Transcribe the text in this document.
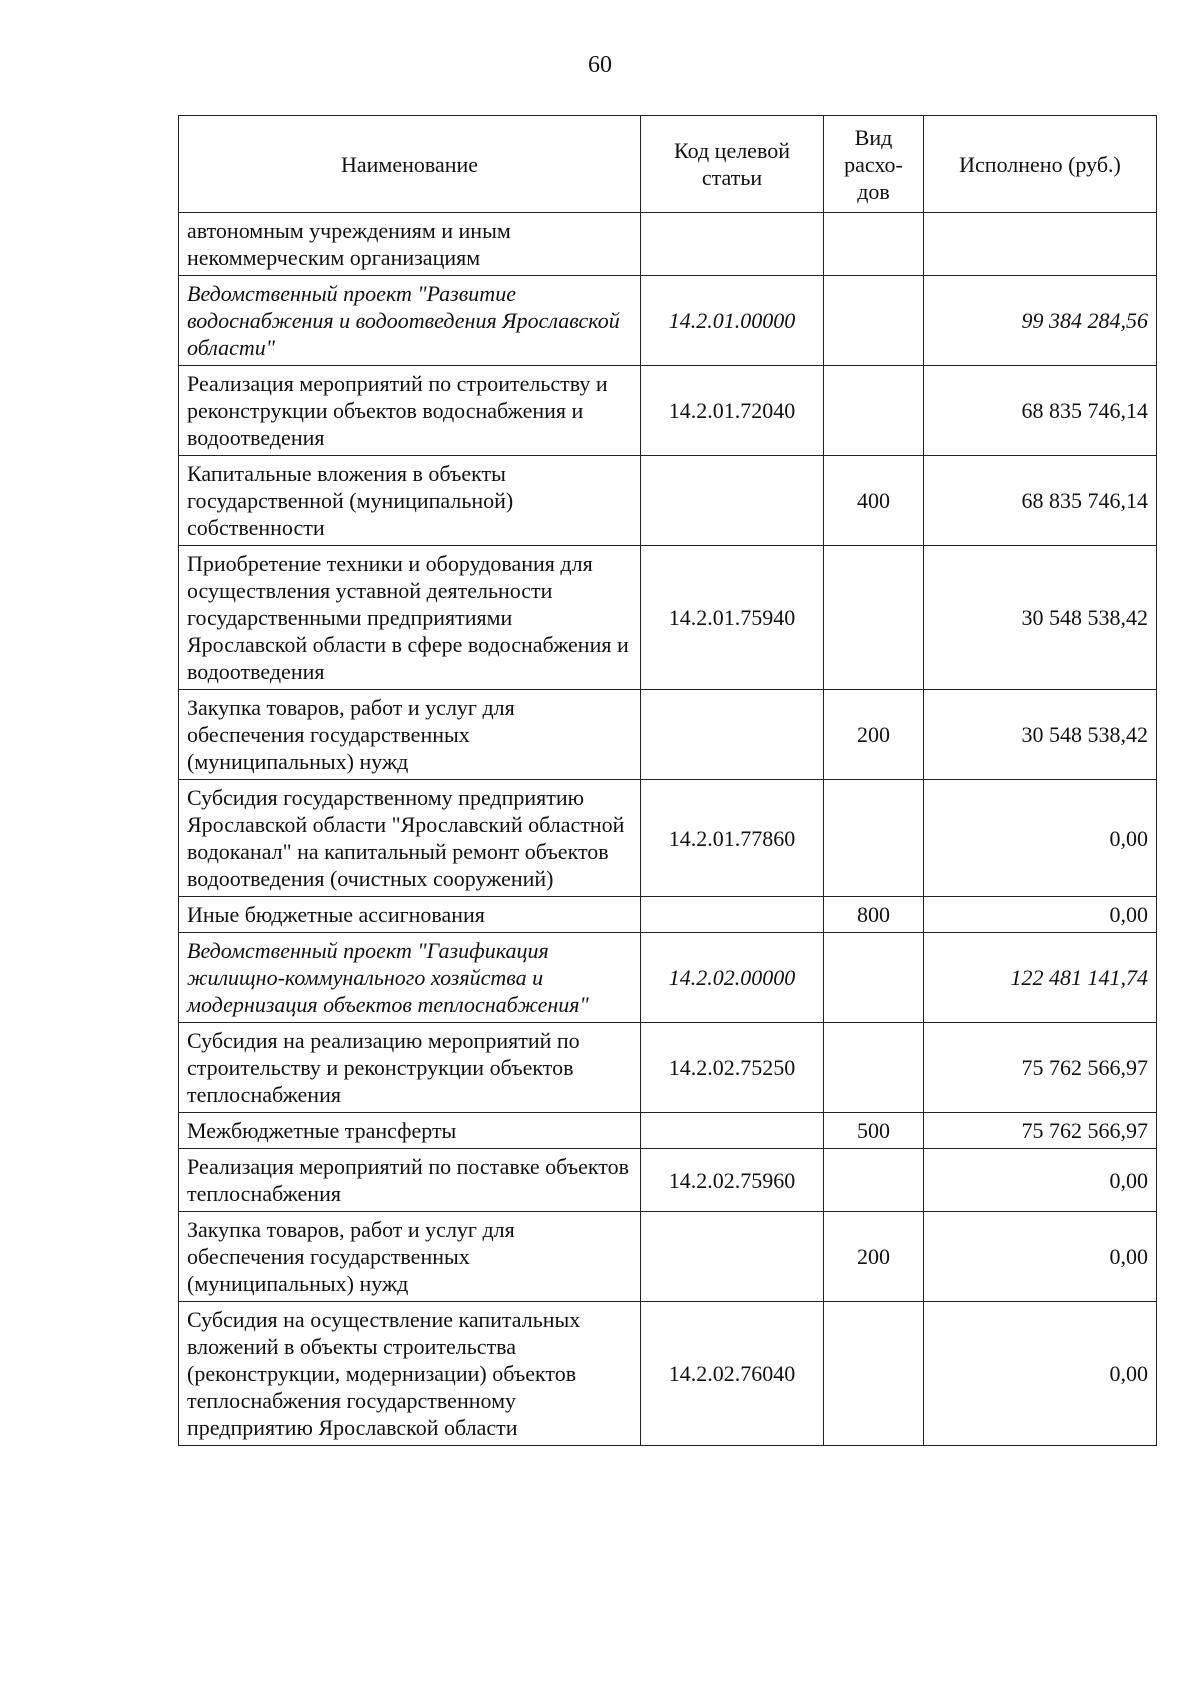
60
Наименование	Код целевой статьи	Вид расхо-дов	Исполнено (руб.)
автономным учреждениям и иным некоммерческим организациям			
Ведомственный проект "Развитие водоснабжения и водоотведения Ярославской области"	14.2.01.00000		99 384 284,56
Реализация мероприятий по строительству и реконструкции объектов водоснабжения и водоотведения	14.2.01.72040		68 835 746,14
Капитальные вложения в объекты государственной (муниципальной) собственности		400	68 835 746,14
Приобретение техники и оборудования для осуществления уставной деятельности государственными предприятиями Ярославской области в сфере водоснабжения и водоотведения	14.2.01.75940		30 548 538,42
Закупка товаров, работ и услуг для обеспечения государственных (муниципальных) нужд		200	30 548 538,42
Субсидия государственному предприятию Ярославской области "Ярославский областной водоканал" на капитальный ремонт объектов водоотведения (очистных сооружений)	14.2.01.77860		0,00
Иные бюджетные ассигнования		800	0,00
Ведомственный проект "Газификация жилищно-коммунального хозяйства и модернизация объектов теплоснабжения"	14.2.02.00000		122 481 141,74
Субсидия на реализацию мероприятий по строительству и реконструкции объектов теплоснабжения	14.2.02.75250		75 762 566,97
Межбюджетные трансферты		500	75 762 566,97
Реализация мероприятий по поставке объектов теплоснабжения	14.2.02.75960		0,00
Закупка товаров, работ и услуг для обеспечения государственных (муниципальных) нужд		200	0,00
Субсидия на осуществление капитальных вложений в объекты строительства (реконструкции, модернизации) объектов теплоснабжения государственному предприятию Ярославской области	14.2.02.76040		0,00
